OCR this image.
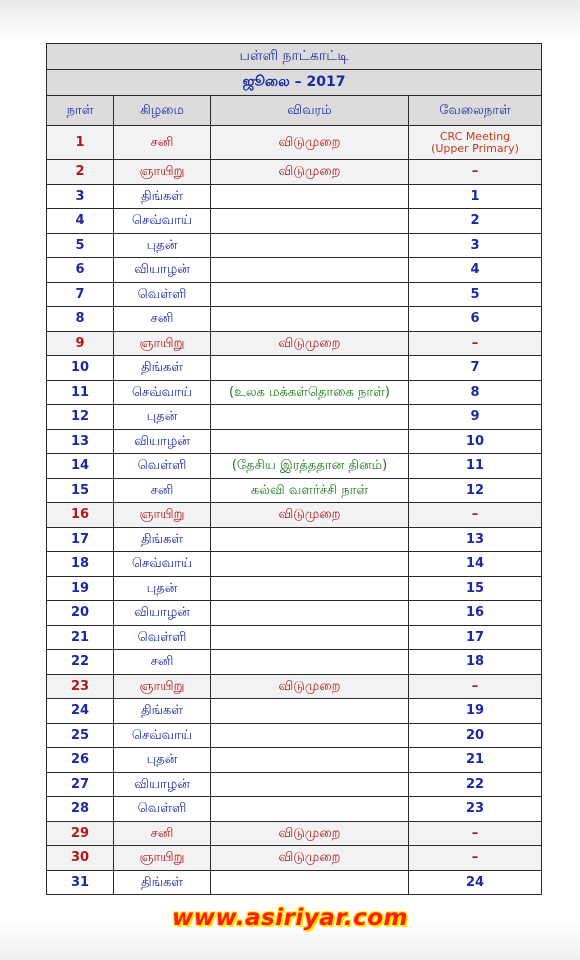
பள்ளி நாட்காட்டி			
ஜூலை – 2017			
நாள்	கிழமை	விவரம்	வேலைநாள்
1	சனி	விடுமுறை	CRC Meeting
(Upper Primary)

2	ஞாயிறு	விடுமுறை	–
3	திங்கள்		1
4	செவ்வாய்		2
5	புதன்		3
6	வியாழன்		4
7	வெள்ளி		5
8	சனி		6
9	ஞாயிறு	விடுமுறை	–
10	திங்கள்		7
11	செவ்வாய்	(உலக மக்கள்தொகை நாள்)	8
12	புதன்		9
13	வியாழன்		10
14	வெள்ளி	(தேசிய இரத்ததான தினம்)	11
15	சனி	கல்வி வளர்ச்சி நாள்	12
16	ஞாயிறு	விடுமுறை	–
17	திங்கள்		13
18	செவ்வாய்		14
19	புதன்		15
20	வியாழன்		16
21	வெள்ளி		17
22	சனி		18
23	ஞாயிறு	விடுமுறை	–
24	திங்கள்		19
25	செவ்வாய்		20
26	புதன்		21
27	வியாழன்		22
28	வெள்ளி		23
29	சனி	விடுமுறை	–
30	ஞாயிறு	விடுமுறை	–
31	திங்கள்		24
www.asiriyar.com
